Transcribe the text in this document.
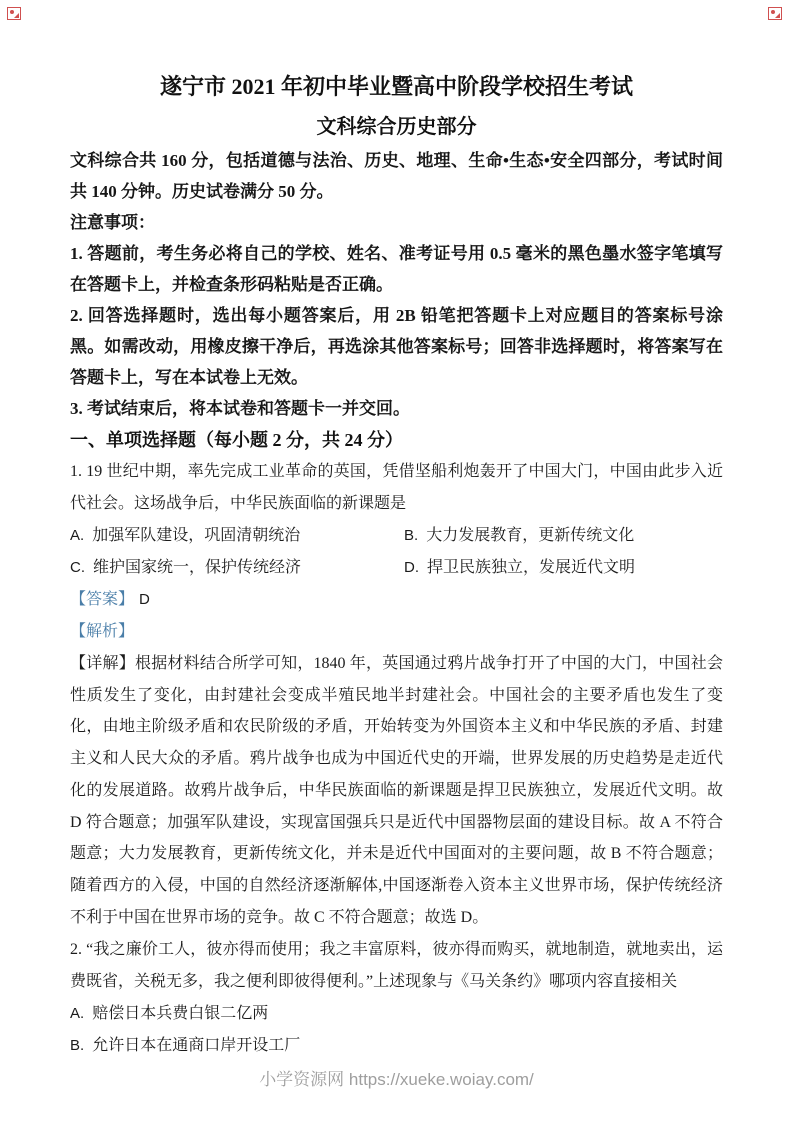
遂宁市 2021 年初中毕业暨高中阶段学校招生考试
文科综合历史部分

文科综合共 160 分，包括道德与法治、历史、地理、生命•生态•安全四部分，考试时间共 140 分钟。历史试卷满分 50 分。

注意事项：

1. 答题前，考生务必将自己的学校、姓名、准考证号用 0.5 毫米的黑色墨水签字笔填写在答题卡上，并检查条形码粘贴是否正确。

2. 回答选择题时，选出每小题答案后，用 2B 铅笔把答题卡上对应题目的答案标号涂黑。如需改动，用橡皮擦干净后，再选涂其他答案标号；回答非选择题时，将答案写在答题卡上，写在本试卷上无效。

3. 考试结束后，将本试卷和答题卡一并交回。

一、单项选择题（每小题 2 分，共 24 分）

1. 19 世纪中期，率先完成工业革命的英国，凭借坚船利炮轰开了中国大门，中国由此步入近代社会。这场战争后，中华民族面临的新课题是

A. 加强军队建设，巩固清朝统治	B. 大力发展教育，更新传统文化
C. 维护国家统一，保护传统经济	D. 捍卫民族独立，发展近代文明
【答案】 D
【解析】

【详解】根据材料结合所学可知，1840 年，英国通过鸦片战争打开了中国的大门，中国社会性质发生了变化，由封建社会变成半殖民地半封建社会。中国社会的主要矛盾也发生了变化，由地主阶级矛盾和农民阶级的矛盾，开始转变为外国资本主义和中华民族的矛盾、封建主义和人民大众的矛盾。鸦片战争也成为中国近代史的开端，世界发展的历史趋势是走近代化的发展道路。故鸦片战争后，中华民族面临的新课题是捍卫民族独立，发展近代文明。故 D 符合题意；加强军队建设，实现富国强兵只是近代中国器物层面的建设目标。故 A 不符合题意；大力发展教育，更新传统文化，并未是近代中国面对的主要问题，故 B 不符合题意；随着西方的入侵，中国的自然经济逐渐解体,中国逐渐卷入资本主义世界市场，保护传统经济不利于中国在世界市场的竞争。故 C 不符合题意；故选 D。

2. “我之廉价工人，彼亦得而使用；我之丰富原料，彼亦得而购买，就地制造，就地卖出，运费既省，关税无多，我之便利即彼得便利。”上述现象与《马关条约》哪项内容直接相关

A. 赔偿日本兵费白银二亿两
B. 允许日本在通商口岸开设工厂
小学资源网 https://xueke.woiay.com/
